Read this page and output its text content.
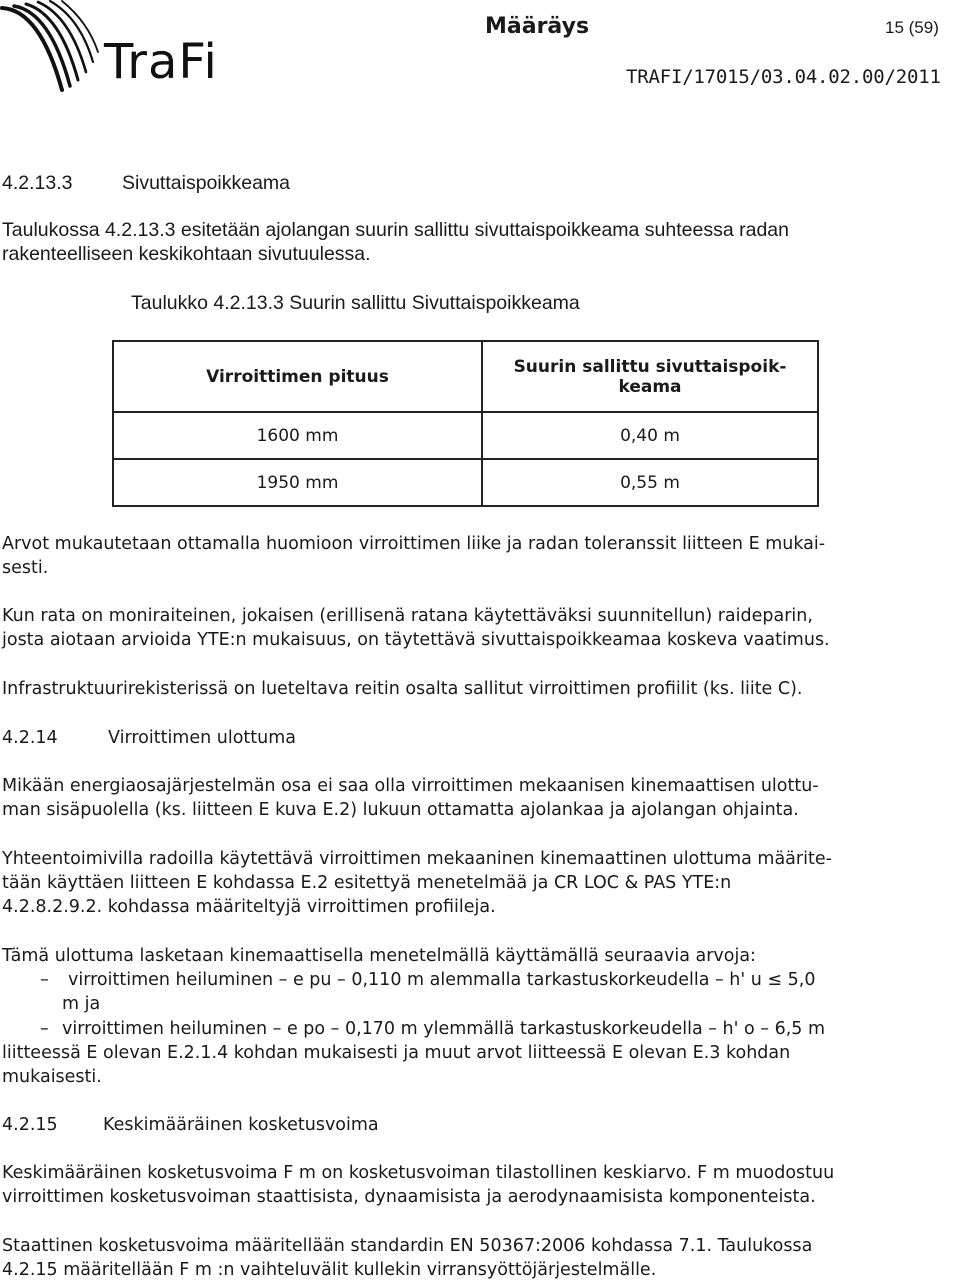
TraFi
Määräys	15 (59)
TRAFI/17015/03.04.02.00/2011
4.2.13.3	Sivuttaispoikkeama
Taulukossa 4.2.13.3 esitetään ajolangan suurin sallittu sivuttaispoikkeama suhteessa radan
rakenteelliseen keskikohtaan sivutuulessa.
Taulukko 4.2.13.3 Suurin sallittu Sivuttaispoikkeama
Virroittimen pituus	Suurin sallittu sivuttaispoik-
keama
1600 mm	0,40 m
1950 mm	0,55 m
Arvot mukautetaan ottamalla huomioon virroittimen liike ja radan toleranssit liitteen E mukai-
sesti.
Kun rata on moniraiteinen, jokaisen (erillisenä ratana käytettäväksi suunnitellun) raideparin,
josta aiotaan arvioida YTE:n mukaisuus, on täytettävä sivuttaispoikkeamaa koskeva vaatimus.
Infrastruktuurirekisterissä on lueteltava reitin osalta sallitut virroittimen profiilit (ks. liite C).
4.2.14	Virroittimen ulottuma
Mikään energiaosajärjestelmän osa ei saa olla virroittimen mekaanisen kinemaattisen ulottu-
man sisäpuolella (ks. liitteen E kuva E.2) lukuun ottamatta ajolankaa ja ajolangan ohjainta.
Yhteentoimivilla radoilla käytettävä virroittimen mekaaninen kinemaattinen ulottuma määrite-
tään käyttäen liitteen E kohdassa E.2 esitettyä menetelmää ja CR LOC & PAS YTE:n
4.2.8.2.9.2. kohdassa määriteltyjä virroittimen profiileja.
Tämä ulottuma lasketaan kinemaattisella menetelmällä käyttämällä seuraavia arvoja:
– virroittimen heiluminen – e pu – 0,110 m alemmalla tarkastuskorkeudella – h' u ≤ 5,0
m ja
– virroittimen heiluminen – e po – 0,170 m ylemmällä tarkastuskorkeudella – h' o – 6,5 m
liitteessä E olevan E.2.1.4 kohdan mukaisesti ja muut arvot liitteessä E olevan E.3 kohdan
mukaisesti.
4.2.15	Keskimääräinen kosketusvoima
Keskimääräinen kosketusvoima F m on kosketusvoiman tilastollinen keskiarvo. F m muodostuu
virroittimen kosketusvoiman staattisista, dynaamisista ja aerodynaamisista komponenteista.
Staattinen kosketusvoima määritellään standardin EN 50367:2006 kohdassa 7.1. Taulukossa
4.2.15 määritellään F m :n vaihteluvälit kullekin virransyöttöjärjestelmälle.
